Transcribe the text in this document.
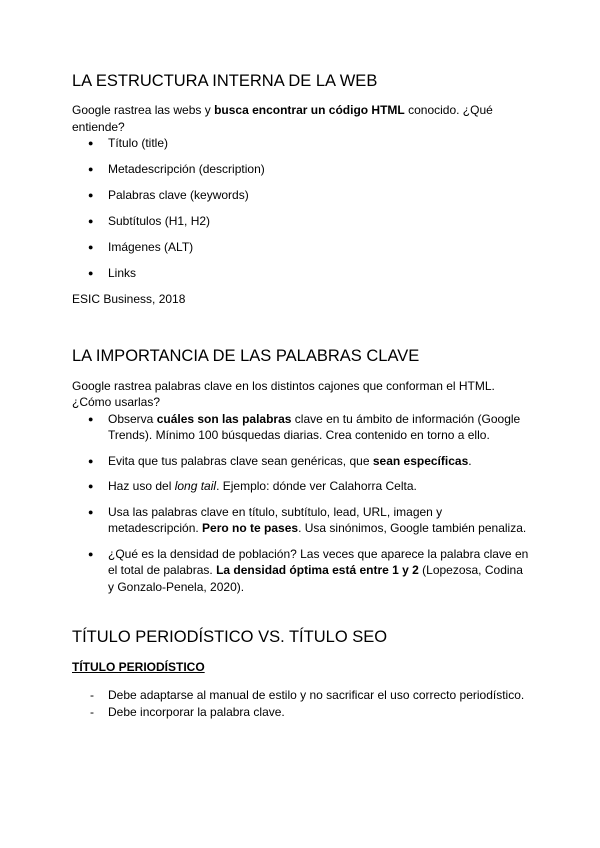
LA ESTRUCTURA INTERNA DE LA WEB

Google rastrea las webs y busca encontrar un código HTML conocido. ¿Qué entiende?

● Título (title)
● Metadescripción (description)
● Palabras clave (keywords)
● Subtítulos (H1, H2)
● Imágenes (ALT)
● Links

ESIC Business, 2018

LA IMPORTANCIA DE LAS PALABRAS CLAVE

Google rastrea palabras clave en los distintos cajones que conforman el HTML. ¿Cómo usarlas?

● Observa cuáles son las palabras clave en tu ámbito de información (Google Trends). Mínimo 100 búsquedas diarias. Crea contenido en torno a ello.
● Evita que tus palabras clave sean genéricas, que sean específicas.
● Haz uso del long tail. Ejemplo: dónde ver Calahorra Celta.
● Usa las palabras clave en título, subtítulo, lead, URL, imagen y metadescripción. Pero no te pases. Usa sinónimos, Google también penaliza.
● ¿Qué es la densidad de población? Las veces que aparece la palabra clave en el total de palabras. La densidad óptima está entre 1 y 2 (Lopezosa, Codina y Gonzalo-Penela, 2020).
TÍTULO PERIODÍSTICO VS. TÍTULO SEO

TÍTULO PERIODÍSTICO

- Debe adaptarse al manual de estilo y no sacrificar el uso correcto periodístico.
- Debe incorporar la palabra clave.
